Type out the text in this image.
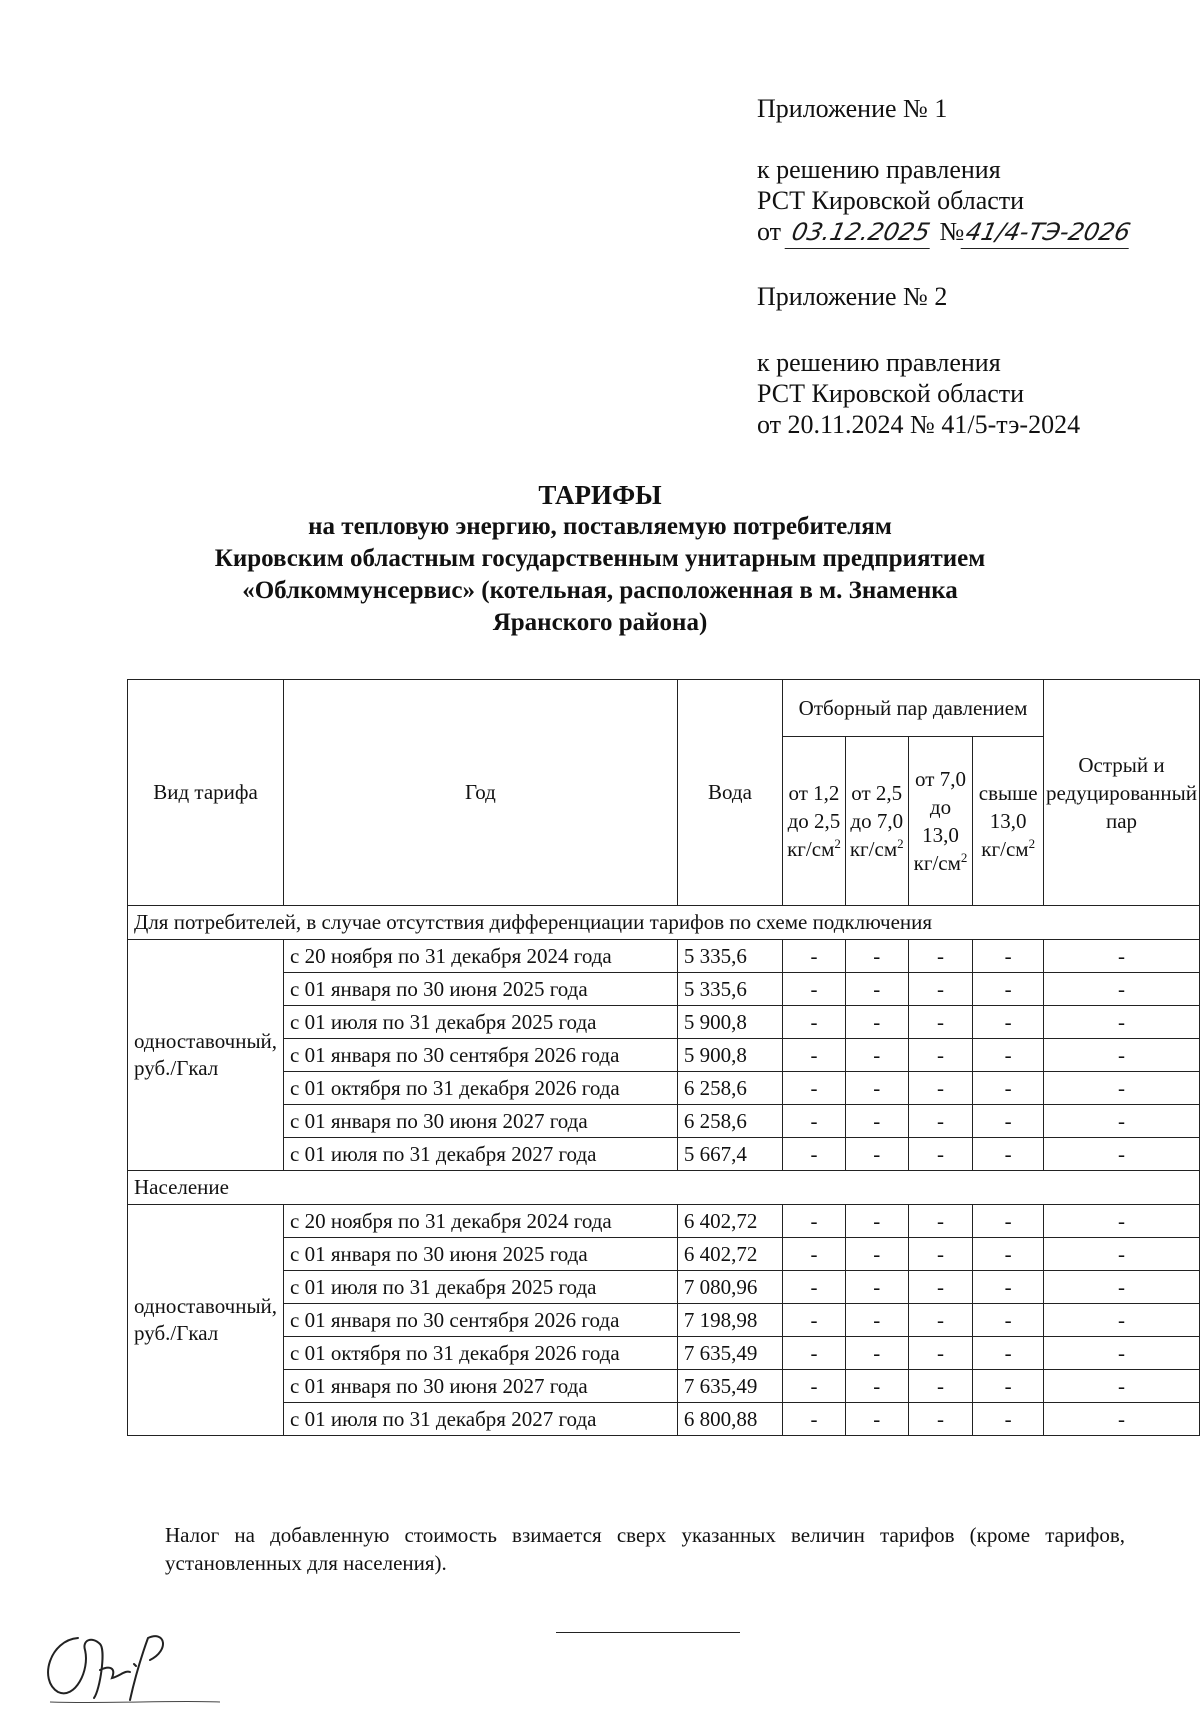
Приложение № 1
к решению правления
РСТ Кировской области
от 03.12.2025 №41/4-ТЭ-2026
Приложение № 2
к решению правления
РСТ Кировской области
от 20.11.2024 № 41/5-тэ-2024
ТАРИФЫ
на тепловую энергию, поставляемую потребителям
Кировским областным государственным унитарным предприятием
«Облкоммунсервис» (котельная, расположенная в м. Знаменка
Яранского района)
Вид тарифа	Год	Вода	Отборный пар давлением				Острый и редуцированный пар
			от 1,2 до 2,5 $кг/см^2$	от 2,5 до 7,0 $кг/см^2$	от 7,0 до 13,0 $кг/см^2$	свыше 13,0 $кг/см^2$
Для потребителей, в случае отсутствия дифференциации тарифов по схеме подключения							
одноставочный, руб./Гкал	с 20 ноября по 31 декабря 2024 года	5 335,6	-	-	-	-	-
	с 01 января по 30 июня 2025 года	5 335,6	-	-	-	-	-
	с 01 июля по 31 декабря 2025 года	5 900,8	-	-	-	-	-
	с 01 января по 30 сентября 2026 года	5 900,8	-	-	-	-	-
	с 01 октября по 31 декабря 2026 года	6 258,6	-	-	-	-	-
	с 01 января по 30 июня 2027 года	6 258,6	-	-	-	-	-
	с 01 июля по 31 декабря 2027 года	5 667,4	-	-	-	-	-
Население							
одноставочный, руб./Гкал	с 20 ноября по 31 декабря 2024 года	6 402,72	-	-	-	-	-
	с 01 января по 30 июня 2025 года	6 402,72	-	-	-	-	-
	с 01 июля по 31 декабря 2025 года	7 080,96	-	-	-	-	-
	с 01 января по 30 сентября 2026 года	7 198,98	-	-	-	-	-
	с 01 октября по 31 декабря 2026 года	7 635,49	-	-	-	-	-
	с 01 января по 30 июня 2027 года	7 635,49	-	-	-	-	-
	с 01 июля по 31 декабря 2027 года	6 800,88	-	-	-	-	-
Налог на добавленную стоимость взимается сверх указанных величин тарифов (кроме тарифов, установленных для населения).
